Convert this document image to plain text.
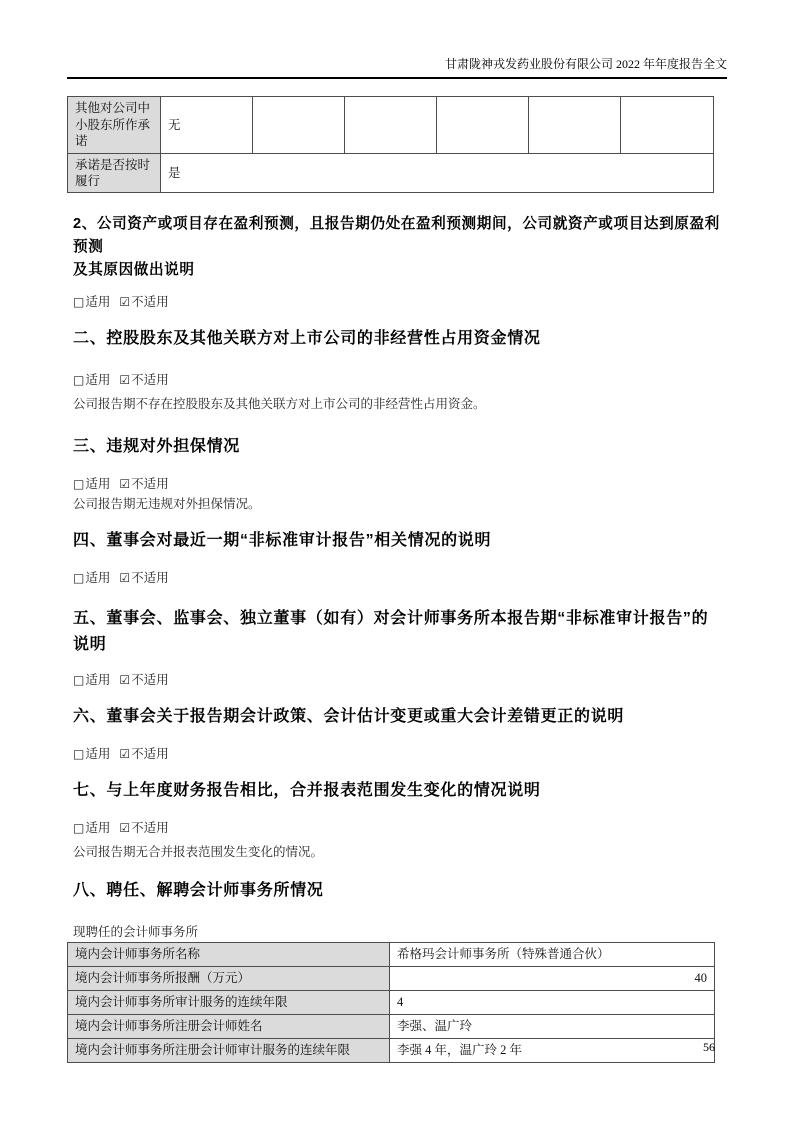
甘肃陇神戎发药业股份有限公司 2022 年年度报告全文
其他对公司中小股东所作承诺	无					
承诺是否按时履行	是					
2、公司资产或项目存在盈利预测，且报告期仍处在盈利预测期间，公司就资产或项目达到原盈利预测
及其原因做出说明
□适用 ☑不适用
二、控股股东及其他关联方对上市公司的非经营性占用资金情况
□适用 ☑不适用
公司报告期不存在控股股东及其他关联方对上市公司的非经营性占用资金。
三、违规对外担保情况
□适用 ☑不适用
公司报告期无违规对外担保情况。
四、董事会对最近一期“非标准审计报告”相关情况的说明
□适用 ☑不适用
五、董事会、监事会、独立董事（如有）对会计师事务所本报告期“非标准审计报告”的
说明
□适用 ☑不适用
六、董事会关于报告期会计政策、会计估计变更或重大会计差错更正的说明
□适用 ☑不适用
七、与上年度财务报告相比，合并报表范围发生变化的情况说明
□适用 ☑不适用
公司报告期无合并报表范围发生变化的情况。
八、聘任、解聘会计师事务所情况
现聘任的会计师事务所
境内会计师事务所名称	希格玛会计师事务所（特殊普通合伙）
境内会计师事务所报酬（万元）	40
境内会计师事务所审计服务的连续年限	4
境内会计师事务所注册会计师姓名	李强、温广玲
境内会计师事务所注册会计师审计服务的连续年限	李强 4 年，温广玲 2 年	56
